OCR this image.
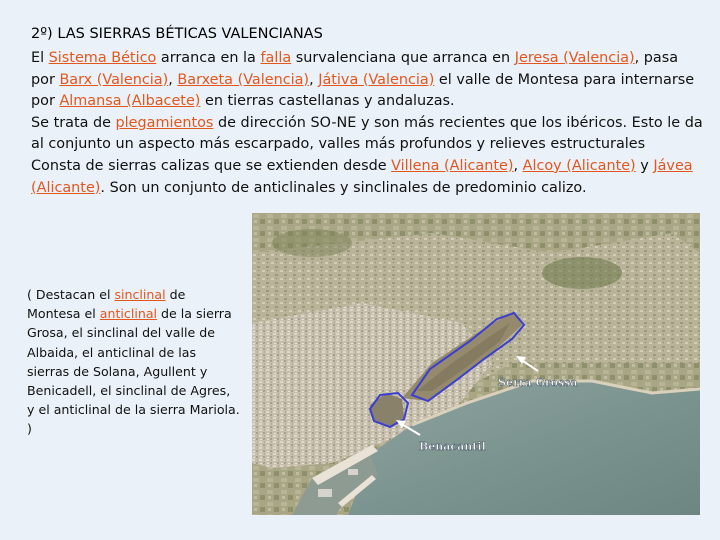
2º) LAS SIERRAS BÉTICAS VALENCIANAS

El Sistema Bético arranca en la falla survalenciana que arranca en Jeresa (Valencia), pasa por Barx (Valencia), Barxeta (Valencia), Játiva (Valencia) el valle de Montesa para internarse por Almansa (Albacete) en tierras castellanas y andaluzas.

Se trata de plegamientos de dirección SO-NE y son más recientes que los ibéricos. Esto le da al conjunto un aspecto más escarpado, valles más profundos y relieves estructurales

Consta de sierras calizas que se extienden desde Villena (Alicante), Alcoy (Alicante) y Jávea (Alicante). Son un conjunto de anticlinales y sinclinales de predominio calizo.

( Destacan el sinclinal de Montesa el anticlinal de la sierra Grosa, el sinclinal del valle de Albaida, el anticlinal de las sierras de Solana, Agullent y Benicadell, el sinclinal de Agres, y el anticlinal de la sierra Mariola. )
Serra Grossa
Benacantil
